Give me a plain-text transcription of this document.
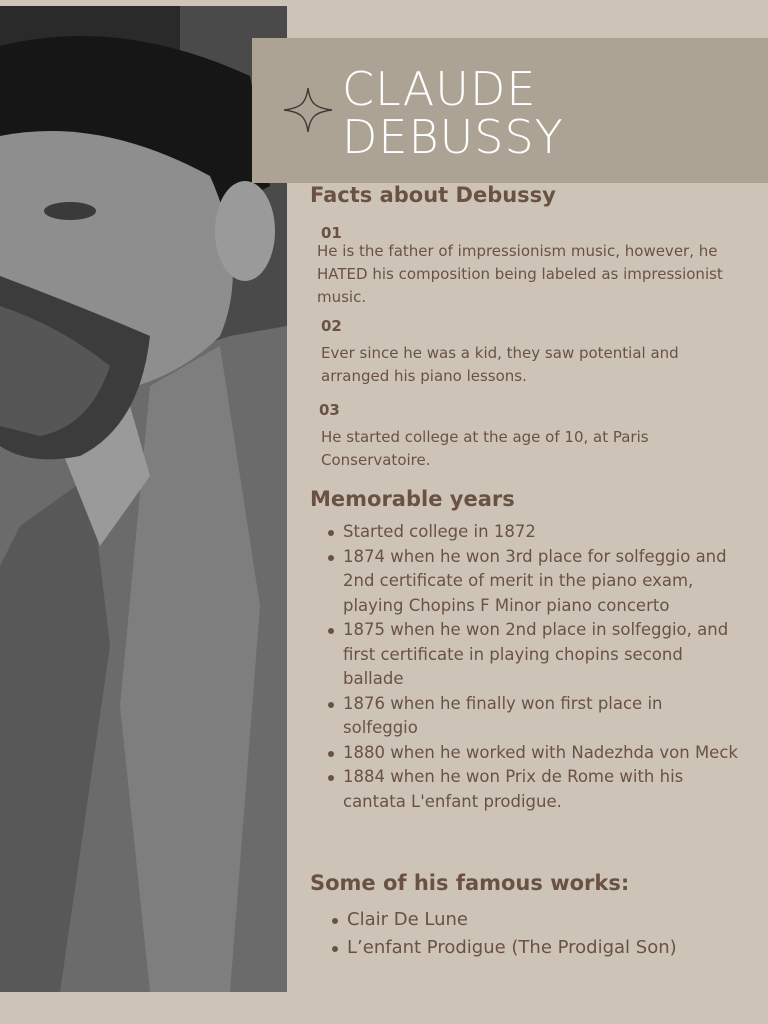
CLAUDE
DEBUSSY
Facts about Debussy
01
He is the father of impressionism music, however, he HATED his composition being labeled as impressionist music.
02
Ever since he was a kid, they saw potential and arranged his piano lessons.
03
He started college at the age of 10, at Paris Conservatoire.
Memorable years
Started college in 1872
1874 when he won 3rd place for solfeggio and 2nd certificate of merit in the piano exam, playing Chopins F Minor piano concerto
1875 when he won 2nd place in solfeggio, and first certificate in playing chopins second ballade
1876 when he finally won first place in solfeggio
1880 when he worked with Nadezhda von Meck
1884 when he won Prix de Rome with his cantata L'enfant prodigue.
Some of his famous works:
Clair De Lune
L’enfant Prodigue (The Prodigal Son)
